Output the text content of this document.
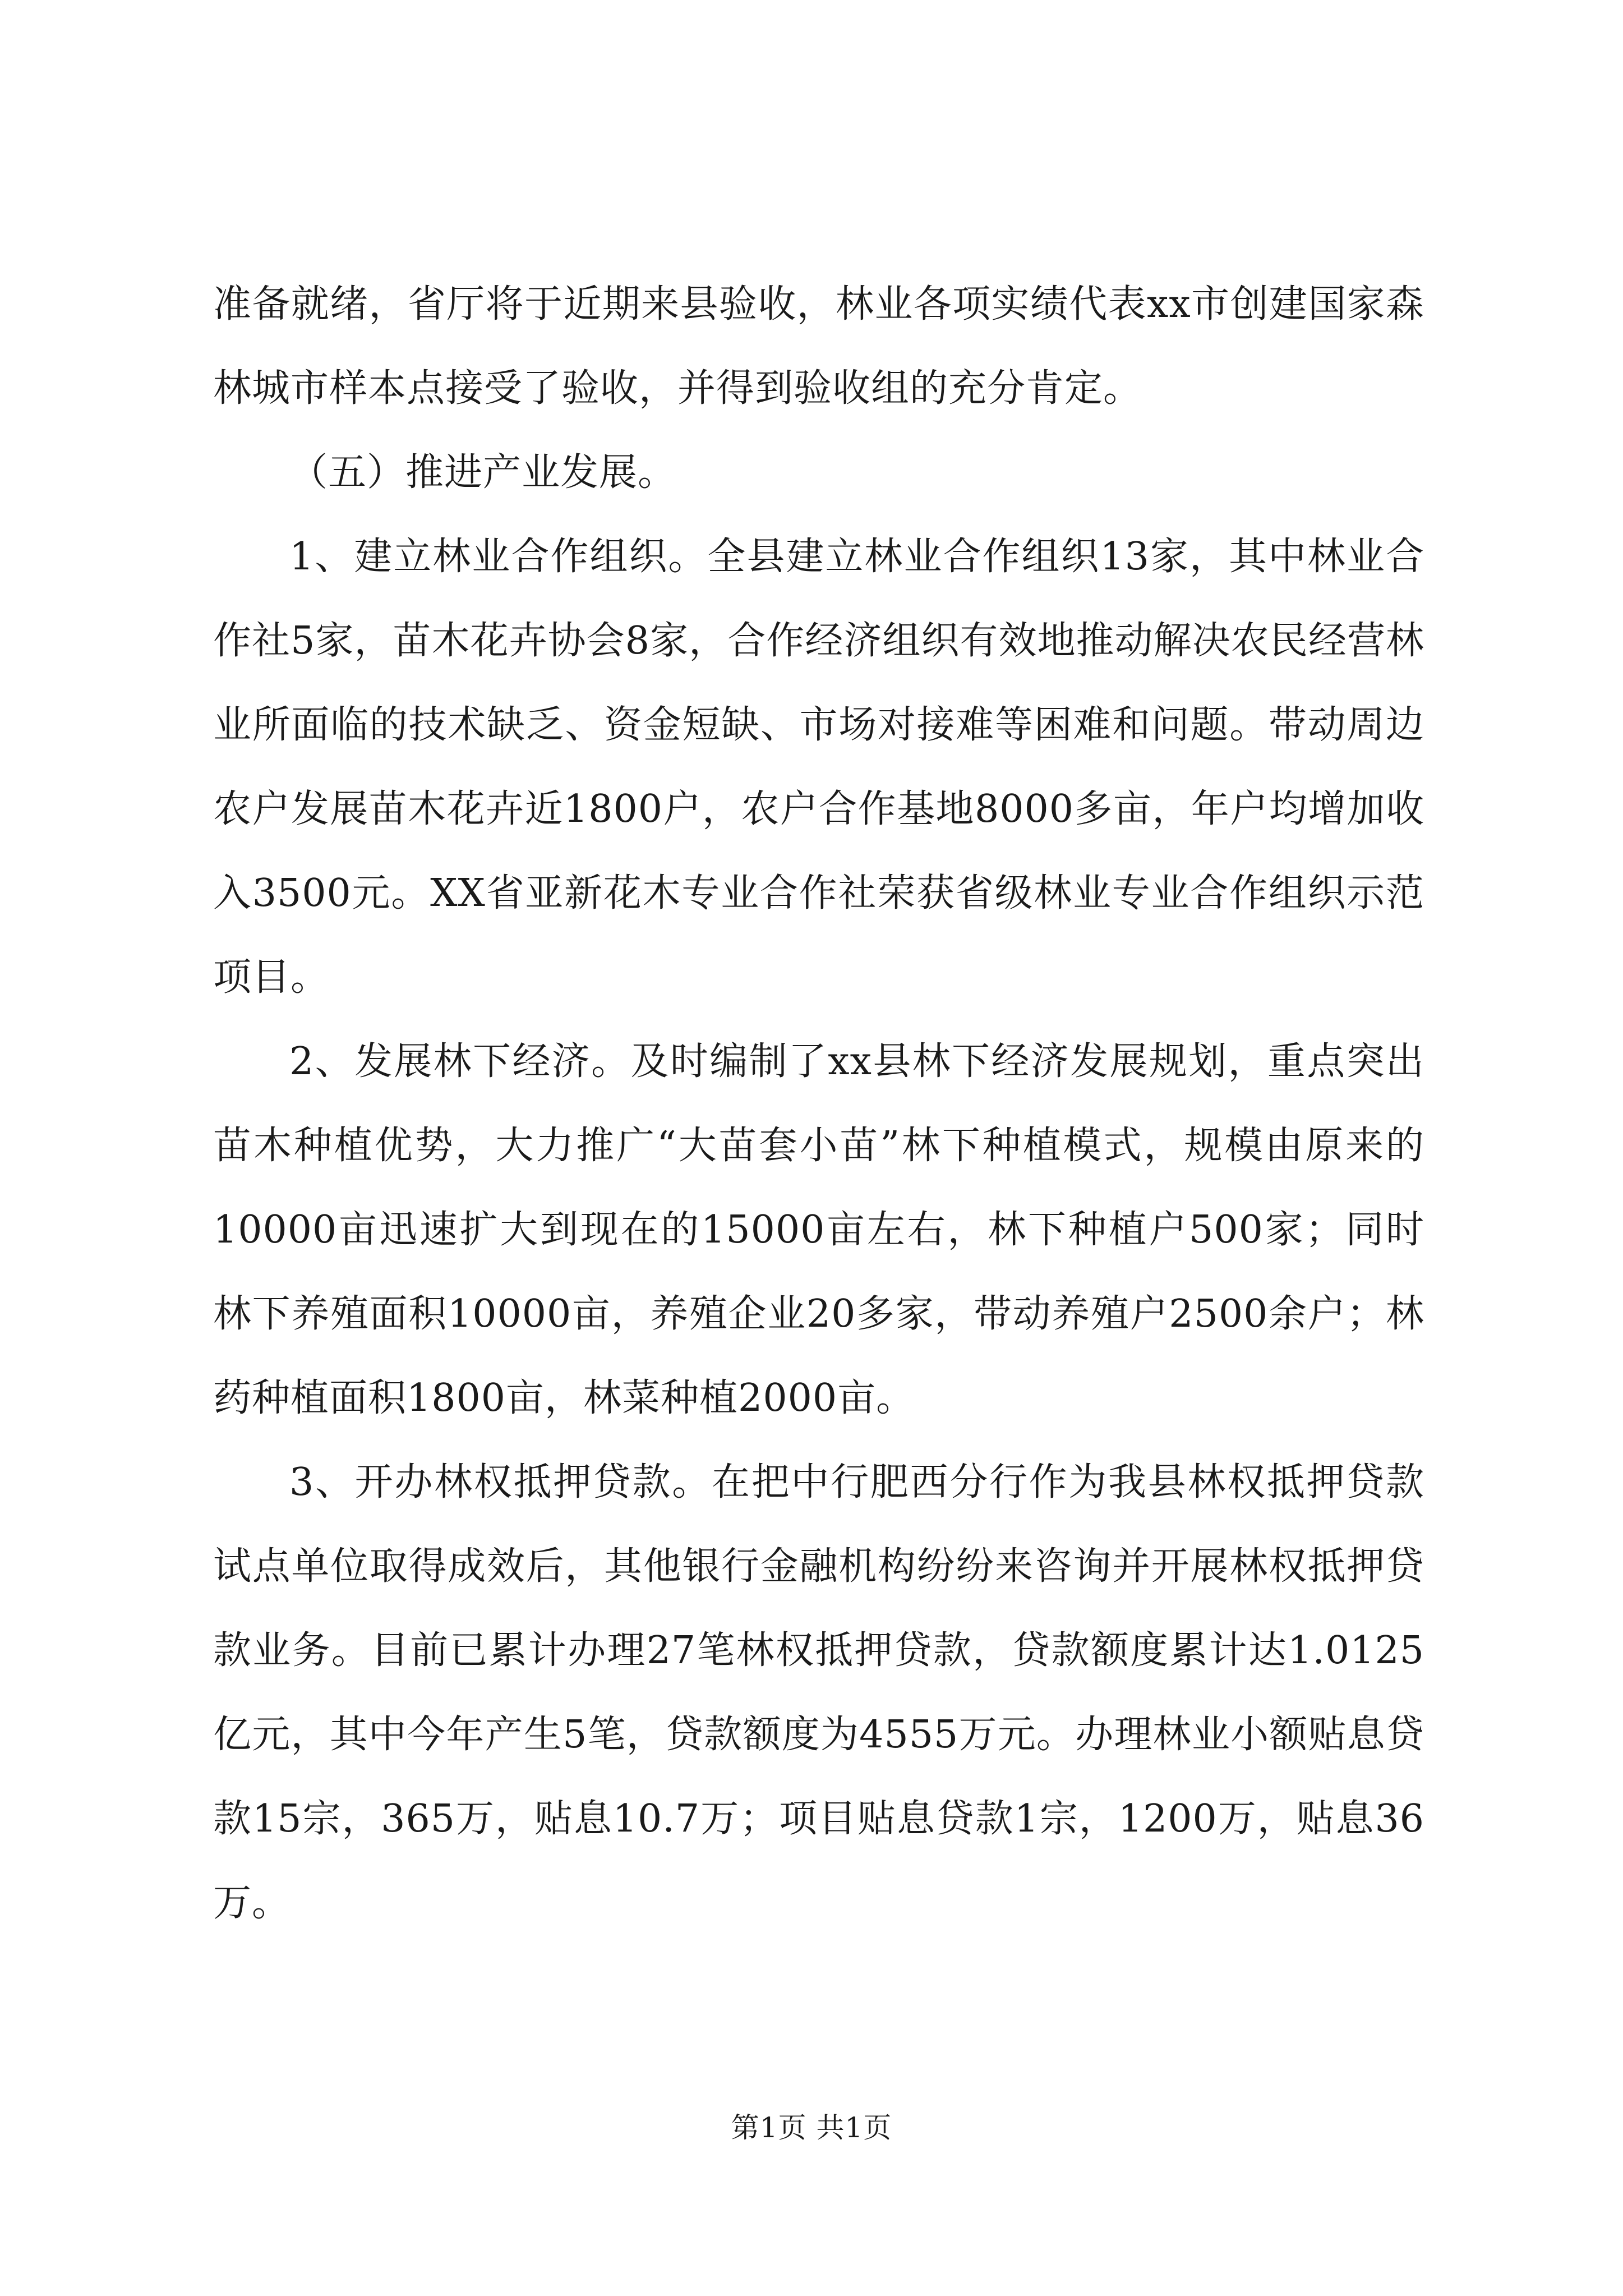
准备就绪，省厅将于近期来县验收，林业各项实绩代表xx市创建国家森林城市样本点接受了验收，并得到验收组的充分肯定。

（五）推进产业发展。

1、建立林业合作组织。全县建立林业合作组织13家，其中林业合作社5家，苗木花卉协会8家，合作经济组织有效地推动解决农民经营林业所面临的技术缺乏、资金短缺、市场对接难等困难和问题。带动周边农户发展苗木花卉近1800户，农户合作基地8000多亩，年户均增加收入3500元。XX省亚新花木专业合作社荣获省级林业专业合作组织示范项目。

2、发展林下经济。及时编制了xx县林下经济发展规划，重点突出苗木种植优势，大力推广“大苗套小苗”林下种植模式，规模由原来的10000亩迅速扩大到现在的15000亩左右，林下种植户500家；同时林下养殖面积10000亩，养殖企业20多家，带动养殖户2500余户；林药种植面积1800亩，林菜种植2000亩。

3、开办林权抵押贷款。在把中行肥西分行作为我县林权抵押贷款试点单位取得成效后，其他银行金融机构纷纷来咨询并开展林权抵押贷款业务。目前已累计办理27笔林权抵押贷款，贷款额度累计达1.0125亿元，其中今年产生5笔，贷款额度为4555万元。办理林业小额贴息贷款15宗，365万，贴息10.7万；项目贴息贷款1宗，1200万，贴息36万。

第1页 共1页
